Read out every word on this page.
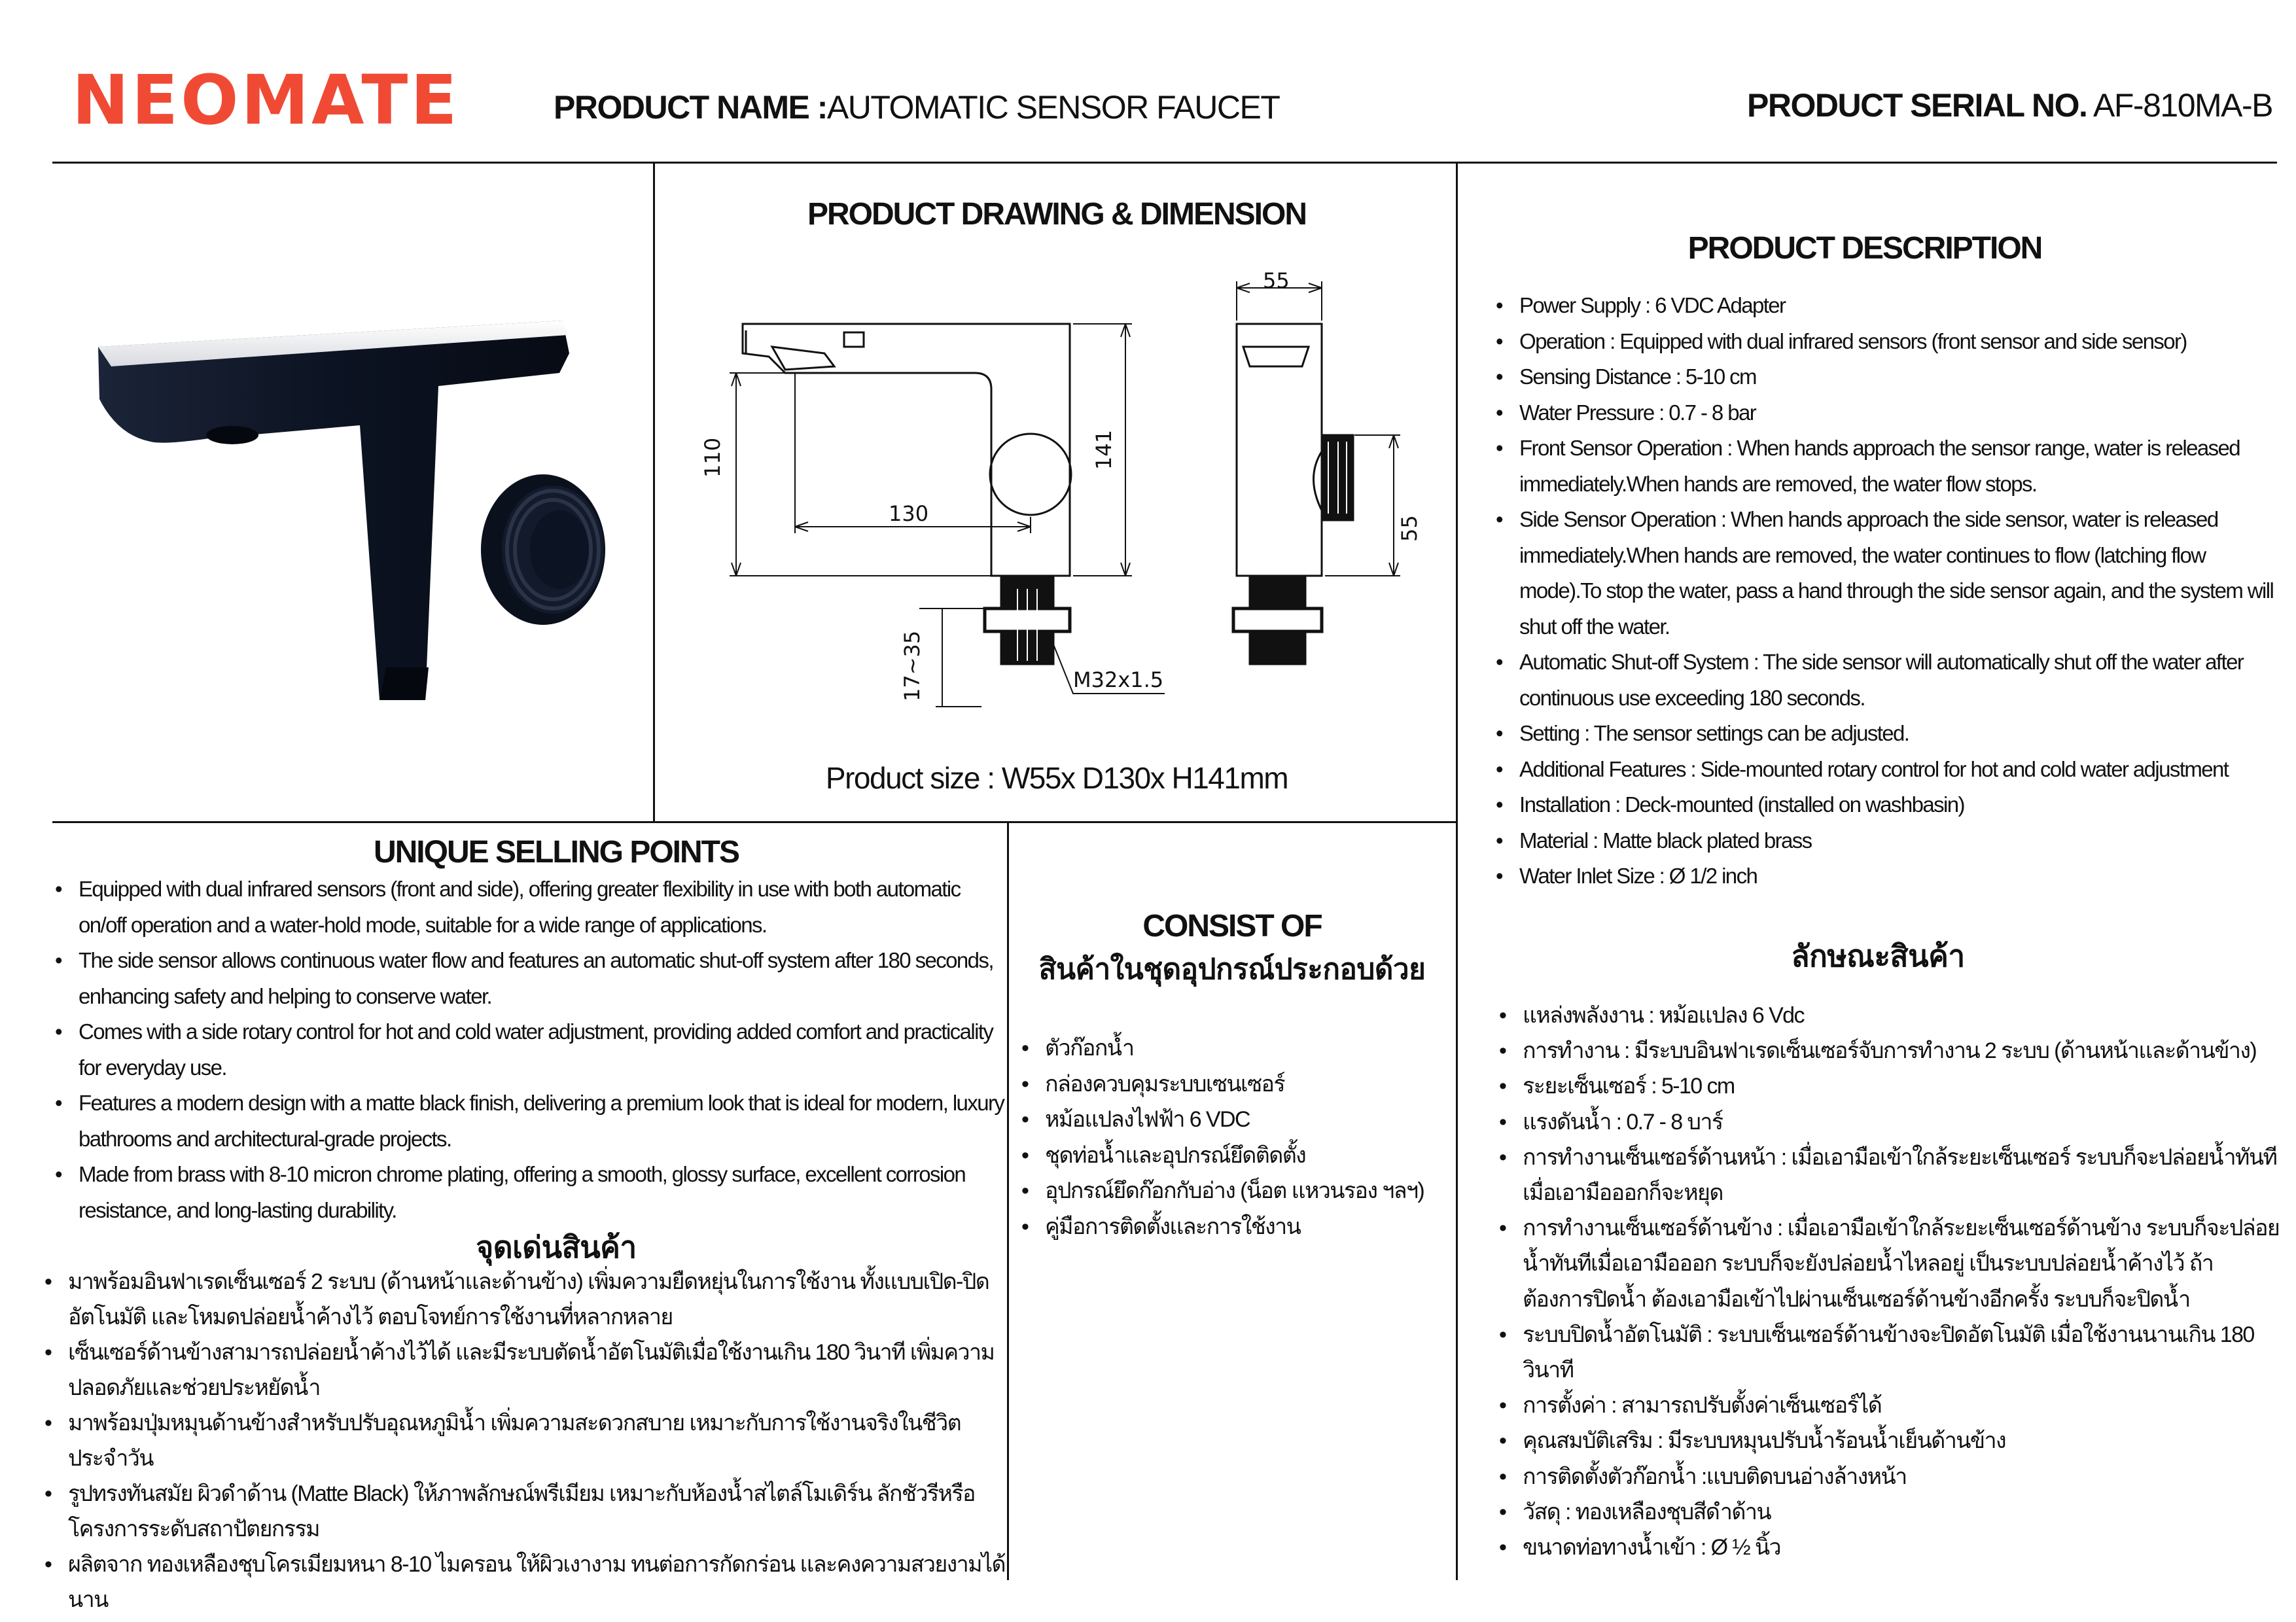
NEOMATE	PRODUCT NAME :AUTOMATIC SENSOR FAUCET	PRODUCT SERIAL NO. AF-810MA-B
PRODUCT DRAWING & DIMENSION
55
110	141
130
55
17~35	M32x1.5
Product size : W55x D130x H141mm
PRODUCT DESCRIPTION
• Power Supply : 6 VDC Adapter
• Operation : Equipped with dual infrared sensors (front sensor and side sensor)
• Sensing Distance : 5-10 cm
• Water Pressure : 0.7 - 8 bar
• Front Sensor Operation : When hands approach the sensor range, water is released immediately.When hands are removed, the water flow stops.
• Side Sensor Operation : When hands approach the side sensor, water is released immediately.When hands are removed, the water continues to flow (latching flow mode).To stop the water, pass a hand through the side sensor again, and the system will shut off the water.
• Automatic Shut-off System : The side sensor will automatically shut off the water after continuous use exceeding 180 seconds.
• Setting : The sensor settings can be adjusted.
• Additional Features : Side-mounted rotary control for hot and cold water adjustment
• Installation : Deck-mounted (installed on washbasin)
• Material : Matte black plated brass
• Water Inlet Size : Ø 1/2 inch
ลักษณะสินค้า
• แหล่งพลังงาน : หม้อแปลง 6 Vdc
• การทำงาน : มีระบบอินฟาเรดเซ็นเซอร์จับการทำงาน 2 ระบบ (ด้านหน้าและด้านข้าง)
• ระยะเซ็นเซอร์ : 5-10 cm
• แรงดันน้ำ : 0.7 - 8 บาร์
• การทำงานเซ็นเซอร์ด้านหน้า : เมื่อเอามือเข้าใกล้ระยะเซ็นเซอร์ ระบบก็จะปล่อยน้ำทันทีเมื่อเอามือออกก็จะหยุด
• การทำงานเซ็นเซอร์ด้านข้าง : เมื่อเอามือเข้าใกล้ระยะเซ็นเซอร์ด้านข้าง ระบบก็จะปล่อยน้ำทันทีเมื่อเอามือออก ระบบก็จะยังปล่อยน้ำไหลอยู่ เป็นระบบปล่อยน้ำค้างไว้ ถ้าต้องการปิดน้ำ ต้องเอามือเข้าไปผ่านเซ็นเซอร์ด้านข้างอีกครั้ง ระบบก็จะปิดน้ำ
• ระบบปิดน้ำอัตโนมัติ : ระบบเซ็นเซอร์ด้านข้างจะปิดอัตโนมัติ เมื่อใช้งานนานเกิน 180 วินาที
• การตั้งค่า : สามารถปรับตั้งค่าเซ็นเซอร์ได้
• คุณสมบัติเสริม : มีระบบหมุนปรับน้ำร้อนน้ำเย็นด้านข้าง
• การติดตั้งตัวก๊อกน้ำ :แบบติดบนอ่างล้างหน้า
• วัสดุ : ทองเหลืองชุบสีดำด้าน
• ขนาดท่อทางน้ำเข้า : Ø ½ นิ้ว
UNIQUE SELLING POINTS
• Equipped with dual infrared sensors (front and side), offering greater flexibility in use with both automatic on/off operation and a water-hold mode, suitable for a wide range of applications.
• The side sensor allows continuous water flow and features an automatic shut-off system after 180 seconds, enhancing safety and helping to conserve water.
• Comes with a side rotary control for hot and cold water adjustment, providing added comfort and practicality for everyday use.
• Features a modern design with a matte black finish, delivering a premium look that is ideal for modern, luxury bathrooms and architectural-grade projects.
• Made from brass with 8-10 micron chrome plating, offering a smooth, glossy surface, excellent corrosion resistance, and long-lasting durability.
จุดเด่นสินค้า
• มาพร้อมอินฟาเรดเซ็นเซอร์ 2 ระบบ (ด้านหน้าและด้านข้าง) เพิ่มความยืดหยุ่นในการใช้งาน ทั้งแบบเปิด-ปิดอัตโนมัติ และโหมดปล่อยน้ำค้างไว้ ตอบโจทย์การใช้งานที่หลากหลาย
• เซ็นเซอร์ด้านข้างสามารถปล่อยน้ำค้างไว้ได้ และมีระบบตัดน้ำอัตโนมัติเมื่อใช้งานเกิน 180 วินาที เพิ่มความปลอดภัยและช่วยประหยัดน้ำ
• มาพร้อมปุ่มหมุนด้านข้างสำหรับปรับอุณหภูมิน้ำ เพิ่มความสะดวกสบาย เหมาะกับการใช้งานจริงในชีวิตประจำวัน
• รูปทรงทันสมัย ผิวดำด้าน (Matte Black) ให้ภาพลักษณ์พรีเมียม เหมาะกับห้องน้ำสไตล์โมเดิร์น ลักชัวรีหรือโครงการระดับสถาปัตยกรรม
• ผลิตจาก ทองเหลืองชุบโครเมียมหนา 8-10 ไมครอน ให้ผิวเงางาม ทนต่อการกัดกร่อน และคงความสวยงามได้นาน
CONSIST OF
สินค้าในชุดอุปกรณ์ประกอบด้วย
• ตัวก๊อกน้ำ
• กล่องควบคุมระบบเซนเซอร์
• หม้อแปลงไฟฟ้า 6 VDC
• ชุดท่อน้ำและอุปกรณ์ยึดติดตั้ง
• อุปกรณ์ยึดก๊อกกับอ่าง (น็อต แหวนรอง ฯลฯ)
• คู่มือการติดตั้งและการใช้งาน
